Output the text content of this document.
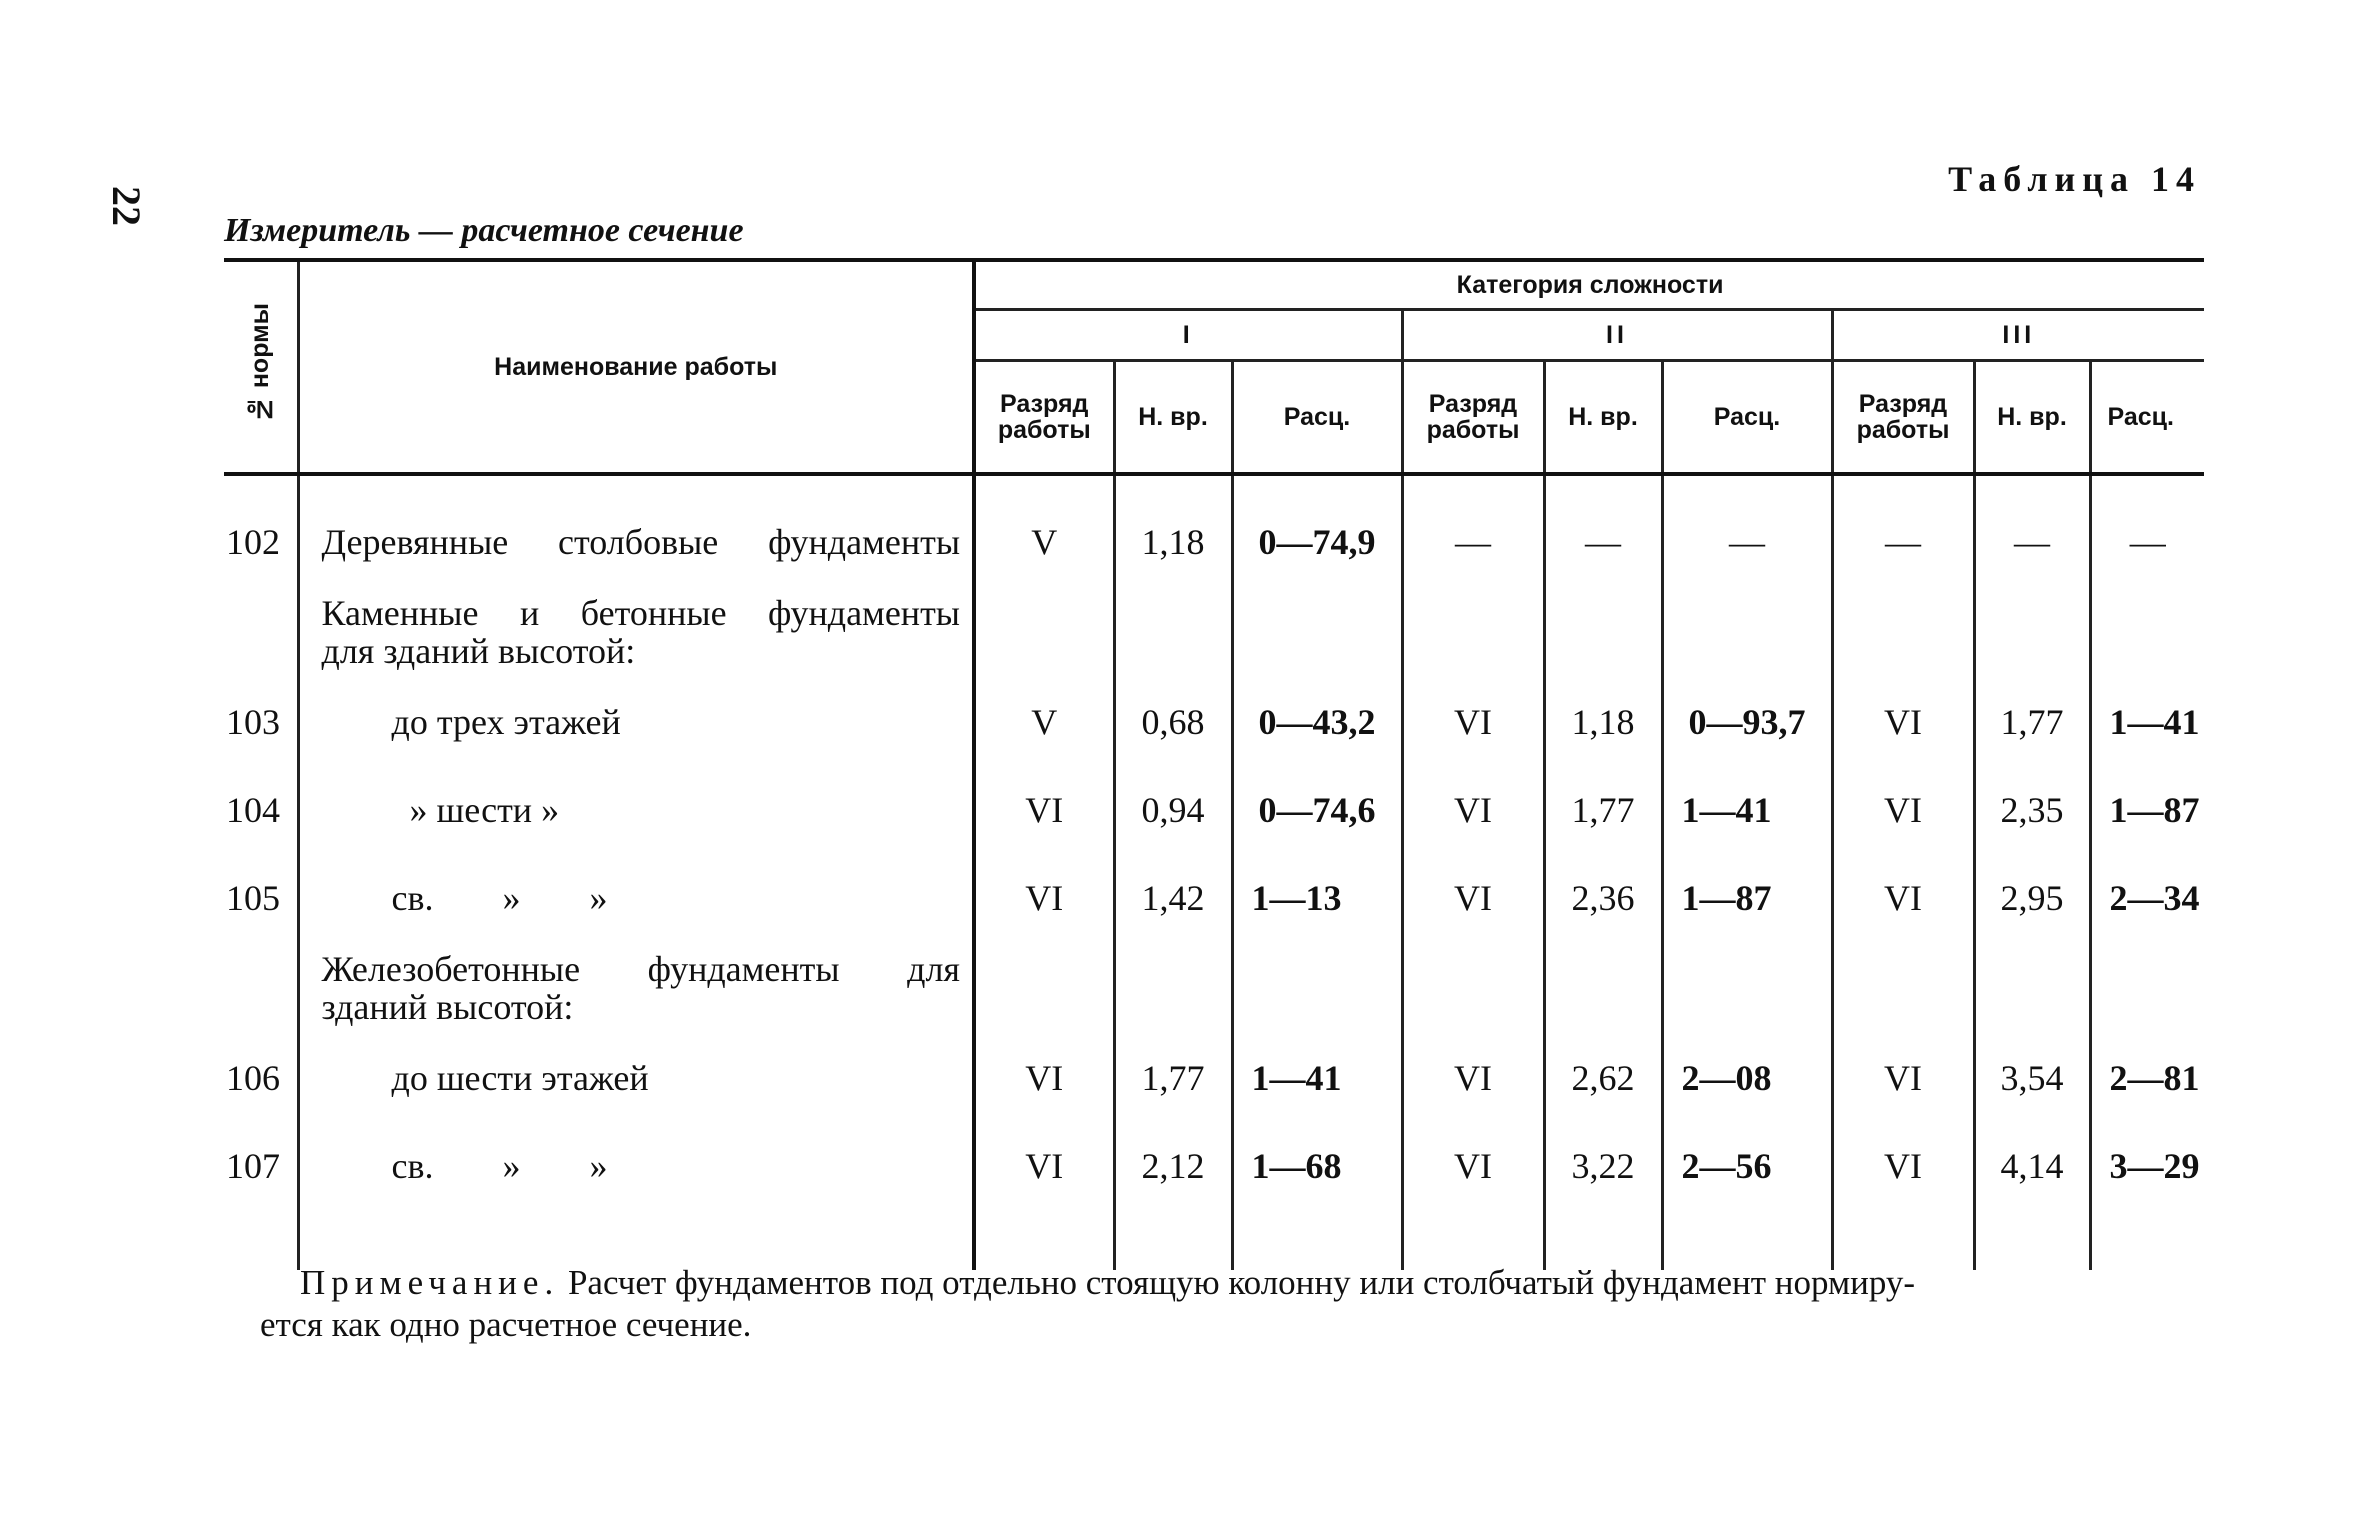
22
Таблица 14
Измеритель — расчетное сечение
№ нормы	Наименование работы	Категория сложности								
		I			II			III		
		Разряд работы	Н. вр.	Расц.	Разряд работы	Н. вр.	Расц.	Разряд работы	Н. вр.	Расц.

102	Деревянные столбовые фундаменты	V	1,18	0—74,9	—	—	—	—	—	—
	Каменные и бетонные фундаменты
для зданий высотой:									

103	до трех этажей	V	0,68	0—43,2	VI	1,18	0—93,7	VI	1,77	1—41
104	» шести »	VI	0,94	0—74,6	VI	1,77	1—41	VI	2,35	1—87
105	св. » »	VI	1,42	1—13	VI	2,36	1—87	VI	2,95	2—34
	Железобетонные фундаменты для
зданий высотой:									

106	до шести этажей	VI	1,77	1—41	VI	2,62	2—08	VI	3,54	2—81
107	св. » »	VI	2,12	1—68	VI	3,22	2—56	VI	4,14	3—29

Примечание. Расчет фундаментов под отдельно стоящую колонну или столбчатый фундамент нормиру-
ется как одно расчетное сечение.
